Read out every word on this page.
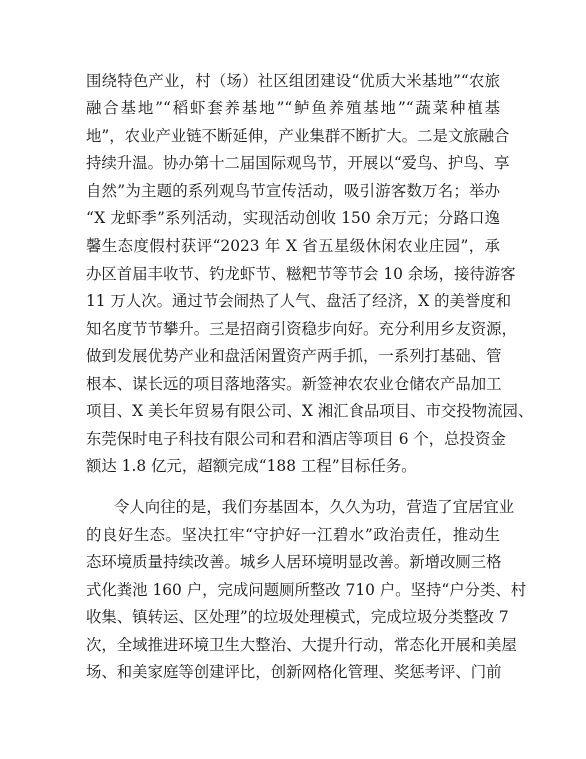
围绕特色产业，村（场）社区组团建设“优质大米基地”“农旅

融合基地”“稻虾套养基地”“鲈鱼养殖基地”“蔬菜种植基

地”，农业产业链不断延伸，产业集群不断扩大。二是文旅融合

持续升温。协办第十二届国际观鸟节，开展以“爱鸟、护鸟、享

自然”为主题的系列观鸟节宣传活动，吸引游客数万名；举办

“X 龙虾季”系列活动，实现活动创收 150 余万元；分路口逸

馨生态度假村获评“2023 年 X 省五星级休闲农业庄园”，承

办区首届丰收节、钓龙虾节、糍粑节等节会 10 余场，接待游客

11 万人次。通过节会闹热了人气、盘活了经济，X 的美誉度和

知名度节节攀升。三是招商引资稳步向好。充分利用乡友资源，

做到发展优势产业和盘活闲置资产两手抓，一系列打基础、管

根本、谋长远的项目落地落实。新签神农农业仓储农产品加工

项目、X 美长年贸易有限公司、X 湘汇食品项目、市交投物流园、

东莞保时电子科技有限公司和君和酒店等项目 6 个，总投资金

额达 1.8 亿元，超额完成“188 工程”目标任务。

令人向往的是，我们夯基固本，久久为功，营造了宜居宜业

的良好生态。坚决扛牢“守护好一江碧水”政治责任，推动生

态环境质量持续改善。城乡人居环境明显改善。新增改厕三格

式化粪池 160 户，完成问题厕所整改 710 户。坚持“户分类、村

收集、镇转运、区处理”的垃圾处理模式，完成垃圾分类整改 7

次，全域推进环境卫生大整治、大提升行动，常态化开展和美屋

场、和美家庭等创建评比，创新网格化管理、奖惩考评、门前
